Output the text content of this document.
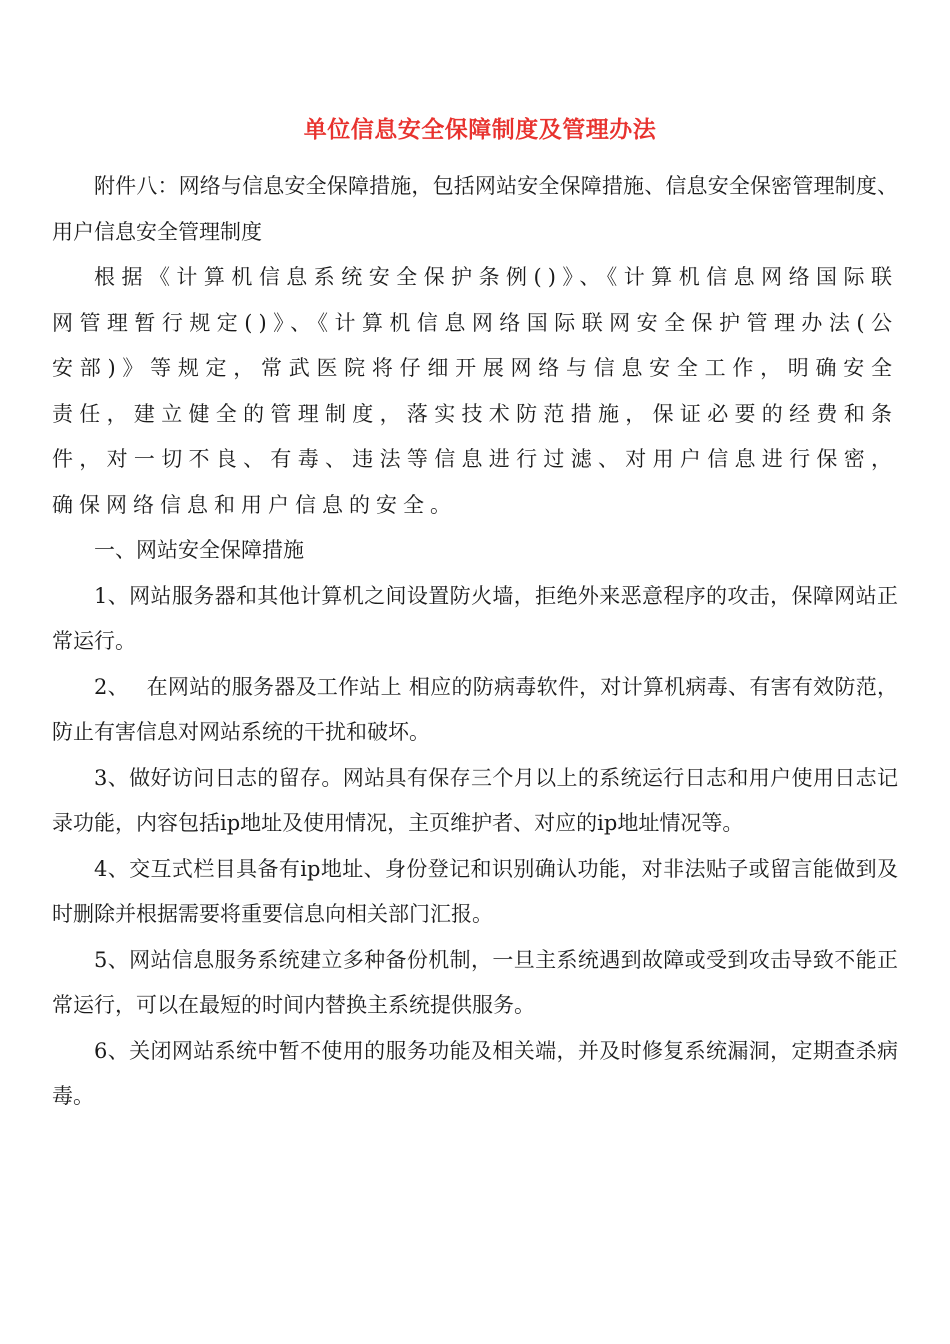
单位信息安全保障制度及管理办法

附件八：网络与信息安全保障措施，包括网站安全保障措施、信息安全保密管理制度、用户信息安全管理制度

根据《计算机信息系统安全保护条例()》、《计算机信息网络国际联网管理暂行规定()》、《计算机信息网络国际联网安全保护管理办法(公安部)》等规定，常武医院将仔细开展网络与信息安全工作，明确安全责任，建立健全的管理制度，落实技术防范措施，保证必要的经费和条件，对一切不良、有毒、违法等信息进行过滤、对用户信息进行保密，确保网络信息和用户信息的安全。

一、网站安全保障措施

1、网站服务器和其他计算机之间设置防火墙，拒绝外来恶意程序的攻击，保障网站正常运行。

2、　 在网站的服务器及工作站上 相应的防病毒软件，对计算机病毒、有害有效防范，防止有害信息对网站系统的干扰和破坏。

3、做好访问日志的留存。网站具有保存三个月以上的系统运行日志和用户使用日志记录功能，内容包括ip地址及使用情况，主页维护者、对应的ip地址情况等。

4、交互式栏目具备有ip地址、身份登记和识别确认功能，对非法贴子或留言能做到及时删除并根据需要将重要信息向相关部门汇报。

5、网站信息服务系统建立多种备份机制，一旦主系统遇到故障或受到攻击导致不能正常运行，可以在最短的时间内替换主系统提供服务。

6、关闭网站系统中暂不使用的服务功能及相关端，并及时修复系统漏洞，定期查杀病毒。
